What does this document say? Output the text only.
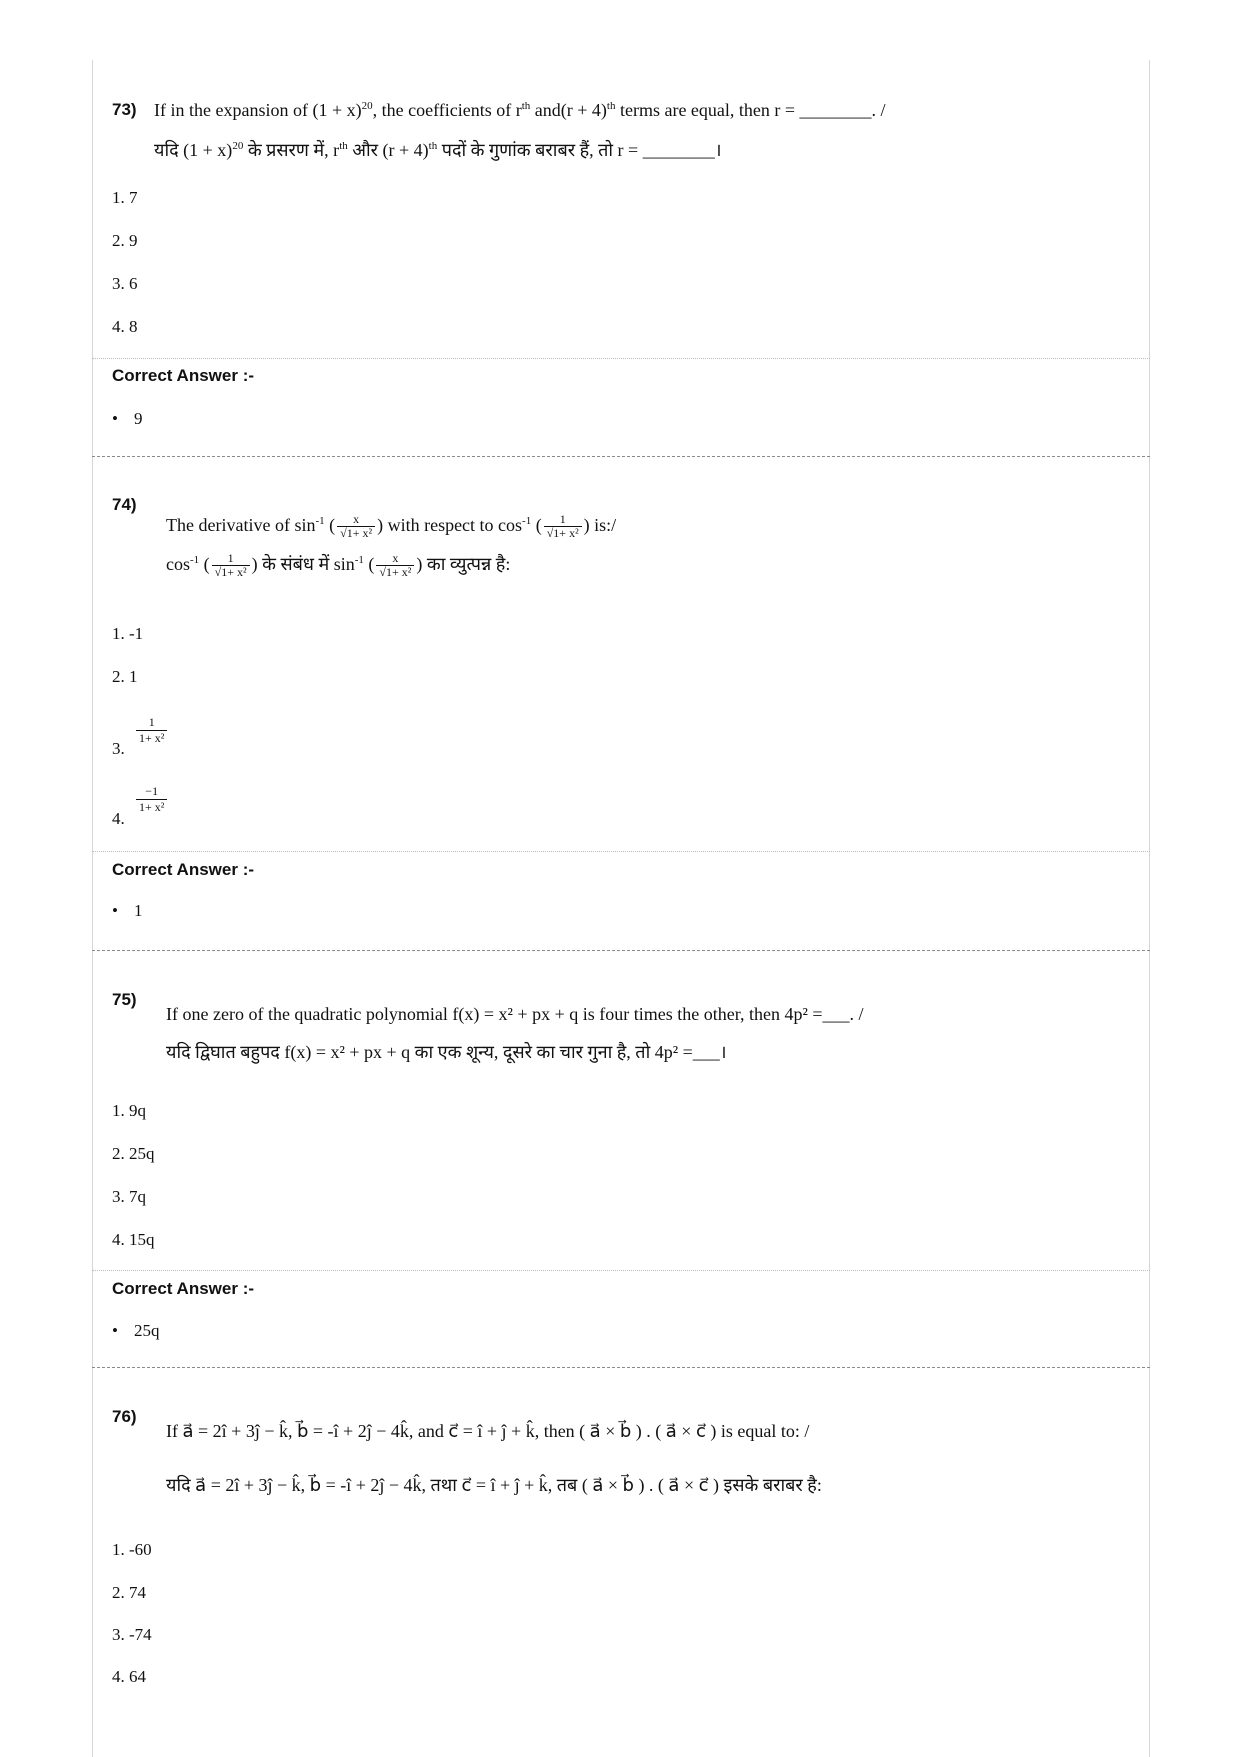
73) If in the expansion of $(1 + x)^{20}$, the coefficients of $r^{th}$ $and(r + 4)^{th}$ terms are equal, then r = ________. /
यदि $(1 + x)^{20}$ के प्रसरण में, $r^{th}$ और $(r + 4)^{th}$ पदों के गुणांक बराबर हैं, तो r = ________।
1. 7
2. 9
3. 6
4. 8
Correct Answer :-
• 9
74)
The derivative of $\sin^{-1}$ ( $\frac{x}{\text{√1+ x²}}$ ) with respect to $\cos^{-1}$ ( $\frac{1}{\text{√1+ x²}}$ ) is:/
$\cos^{-1}$ ( $\frac{1}{\text{√1+ x²}}$ ) के संबंध में $\sin^{-1}$ ( $\frac{x}{\text{√1+ x²}}$ ) का व्युत्पन्न है:
1. -1
2. 1
3.
$\frac{1}{\text{1+ x²}}$
4.
$\frac{-1}{\text{1+ x²}}$
Correct Answer :-
• 1
75)
If one zero of the quadratic polynomial f(x) = x² + px + q is four times the other, then 4p² =___. /
यदि द्विघात बहुपद f(x) = x² + px + q का एक शून्य, दूसरे का चार गुना है, तो 4p² =___।
1. 9q
2. 25q
3. 7q
4. 15q
Correct Answer :-
• 25q
76)
If a⃗ = 2î + 3ĵ − k̂, b⃗ = -î + 2ĵ − 4k̂, and c⃗ = î + ĵ + k̂, then ( a⃗ × b⃗ ) . ( a⃗ × c⃗ ) is equal to: /
यदि a⃗ = 2î + 3ĵ − k̂, b⃗ = -î + 2ĵ − 4k̂, तथा c⃗ = î + ĵ + k̂, तब ( a⃗ × b⃗ ) . ( a⃗ × c⃗ ) इसके बराबर है:
1. -60
2. 74
3. -74
4. 64
